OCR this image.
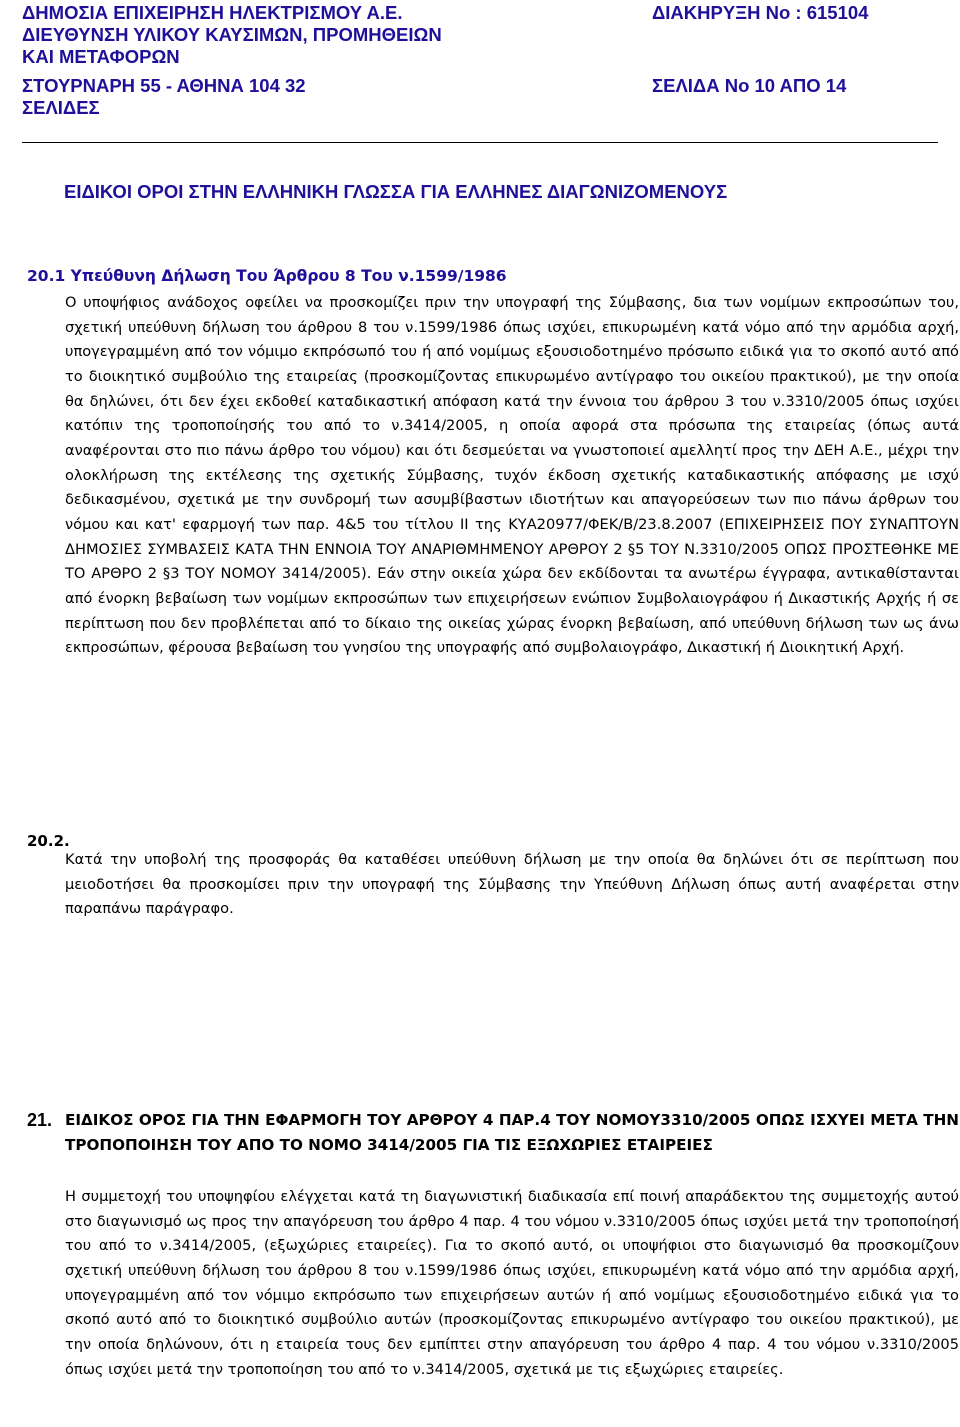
ΔΗΜΟΣΙΑ ΕΠΙΧΕΙΡΗΣΗ ΗΛΕΚΤΡΙΣΜΟΥ Α.Ε.	ΔΙΑΚΗΡΥΞΗ Νο : 615104
ΔΙΕΥΘΥΝΣΗ ΥΛΙΚΟΥ ΚΑΥΣΙΜΩΝ, ΠΡΟΜΗΘΕΙΩΝ
ΚΑΙ ΜΕΤΑΦΟΡΩΝ
ΣΤΟΥΡΝΑΡΗ 55 - ΑΘΗΝΑ 104 32	ΣΕΛΙΔΑ Νο 10 ΑΠΟ 14
ΣΕΛΙΔΕΣ
ΕΙΔΙΚΟΙ ΟΡΟΙ ΣΤΗΝ ΕΛΛΗΝΙΚΗ ΓΛΩΣΣΑ ΓΙΑ ΕΛΛΗΝΕΣ ΔΙΑΓΩΝΙΖΟΜΕΝΟΥΣ
20.1 Υπεύθυνη Δήλωση Του Άρθρου 8 Του ν.1599/1986

Ο υποψήφιος ανάδοχος οφείλει να προσκομίζει πριν την υπογραφή της Σύμβασης, δια των νομίμων εκπροσώπων του, σχετική υπεύθυνη δήλωση του άρθρου 8 του ν.1599/1986 όπως ισχύει, επικυρωμένη κατά νόμο από την αρμόδια αρχή, υπογεγραμμένη από τον νόμιμο εκπρόσωπό του ή από νομίμως εξουσιοδοτημένο πρόσωπο ειδικά για το σκοπό αυτό από το διοικητικό συμβούλιο της εταιρείας (προσκομίζοντας επικυρωμένο αντίγραφο του οικείου πρακτικού), με την οποία θα δηλώνει, ότι δεν έχει εκδοθεί καταδικαστική απόφαση κατά την έννοια του άρθρου 3 του ν.3310/2005 όπως ισχύει κατόπιν της τροποποίησής του από το ν.3414/2005, η οποία αφορά στα πρόσωπα της εταιρείας (όπως αυτά αναφέρονται στο πιο πάνω άρθρο του νόμου) και ότι δεσμεύεται να γνωστοποιεί αμελλητί προς την ΔΕΗ Α.Ε., μέχρι την ολοκλήρωση της εκτέλεσης της σχετικής Σύμβασης, τυχόν έκδοση σχετικής καταδικαστικής απόφασης με ισχύ δεδικασμένου, σχετικά με την συνδρομή των ασυμβίβαστων ιδιοτήτων και απαγορεύσεων των πιο πάνω άρθρων του νόμου και κατ' εφαρμογή των παρ. 4&5 του τίτλου ΙΙ της ΚΥΑ20977/ΦΕΚ/Β/23.8.2007 (ΕΠΙΧΕΙΡΗΣΕΙΣ ΠΟΥ ΣΥΝΑΠΤΟΥΝ ΔΗΜΟΣΙΕΣ ΣΥΜΒΑΣΕΙΣ ΚΑΤΑ ΤΗΝ ΕΝΝΟΙΑ ΤΟΥ ΑΝΑΡΙΘΜΗΜΕΝΟΥ ΑΡΘΡΟΥ 2 §5 ΤΟΥ Ν.3310/2005 ΟΠΩΣ ΠΡΟΣΤΕΘΗΚΕ ΜΕ ΤΟ ΑΡΘΡΟ 2 §3 ΤΟΥ ΝΟΜΟΥ 3414/2005). Εάν στην οικεία χώρα δεν εκδίδονται τα ανωτέρω έγγραφα, αντικαθίστανται από ένορκη βεβαίωση των νομίμων εκπροσώπων των επιχειρήσεων ενώπιον Συμβολαιογράφου ή Δικαστικής Αρχής ή σε περίπτωση που δεν προβλέπεται από το δίκαιο της οικείας χώρας ένορκη βεβαίωση, από υπεύθυνη δήλωση των ως άνω εκπροσώπων, φέρουσα βεβαίωση του γνησίου της υπογραφής από συμβολαιογράφο, Δικαστική ή Διοικητική Αρχή.

20.2.

Κατά την υποβολή της προσφοράς θα καταθέσει υπεύθυνη δήλωση με την οποία θα δηλώνει ότι σε περίπτωση που μειοδοτήσει θα προσκομίσει πριν την υπογραφή της Σύμβασης την Υπεύθυνη Δήλωση όπως αυτή αναφέρεται στην παραπάνω παράγραφο.

21. ΕΙΔΙΚΟΣ ΟΡΟΣ ΓΙΑ ΤΗΝ ΕΦΑΡΜΟΓΗ ΤΟΥ ΑΡΘΡΟΥ 4 ΠΑΡ.4 ΤΟΥ ΝΟΜΟΥ3310/2005 ΟΠΩΣ ΙΣΧΥΕΙ ΜΕΤΑ ΤΗΝ ΤΡΟΠΟΠΟΙΗΣΗ ΤΟΥ ΑΠΟ ΤΟ ΝΟΜΟ 3414/2005 ΓΙΑ ΤΙΣ ΕΞΩΧΩΡΙΕΣ ΕΤΑΙΡΕΙΕΣ

Η συμμετοχή του υποψηφίου ελέγχεται κατά τη διαγωνιστική διαδικασία επί ποινή απαράδεκτου της συμμετοχής αυτού στο διαγωνισμό ως προς την απαγόρευση του άρθρο 4 παρ. 4 του νόμου ν.3310/2005 όπως ισχύει μετά την τροποποίησή του από το ν.3414/2005, (εξωχώριες εταιρείες). Για το σκοπό αυτό, οι υποψήφιοι στο διαγωνισμό θα προσκομίζουν σχετική υπεύθυνη δήλωση του άρθρου 8 του ν.1599/1986 όπως ισχύει, επικυρωμένη κατά νόμο από την αρμόδια αρχή, υπογεγραμμένη από τον νόμιμο εκπρόσωπο των επιχειρήσεων αυτών ή από νομίμως εξουσιοδοτημένο ειδικά για το σκοπό αυτό από το διοικητικό συμβούλιο αυτών (προσκομίζοντας επικυρωμένο αντίγραφο του οικείου πρακτικού), με την οποία δηλώνουν, ότι η εταιρεία τους δεν εμπίπτει στην απαγόρευση του άρθρο 4 παρ. 4 του νόμου ν.3310/2005 όπως ισχύει μετά την τροποποίηση του από το ν.3414/2005, σχετικά με τις εξωχώριες εταιρείες.
